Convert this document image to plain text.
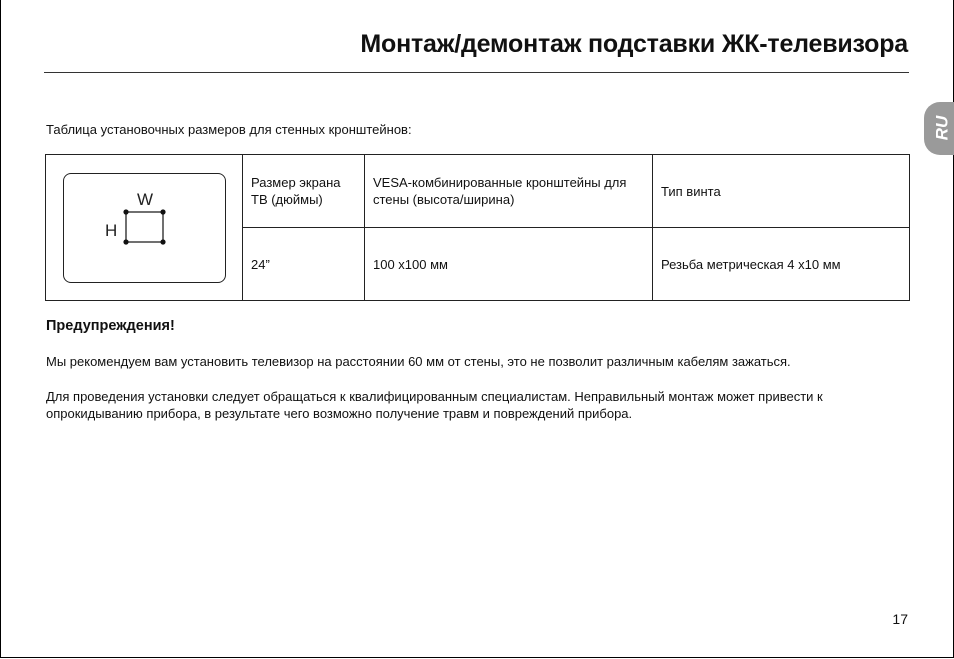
Монтаж/демонтаж подставки ЖК-телевизора
RU
Таблица установочных размеров для стенных кронштейнов:
W
H	Размер экрана ТВ (дюймы)	VESA-комбинированные кронштейны для стены (высота/ширина)	Тип винта
	24”	100 x100 мм	Резьба метрическая 4 x10 мм
Предупреждения!
Мы рекомендуем вам установить телевизор на расстоянии 60 мм от стены, это не позволит различным кабелям зажаться.
Для проведения установки следует обращаться к квалифицированным специалистам. Неправильный монтаж может привести к опрокидыванию прибора, в результате чего возможно получение травм и повреждений прибора.
17
